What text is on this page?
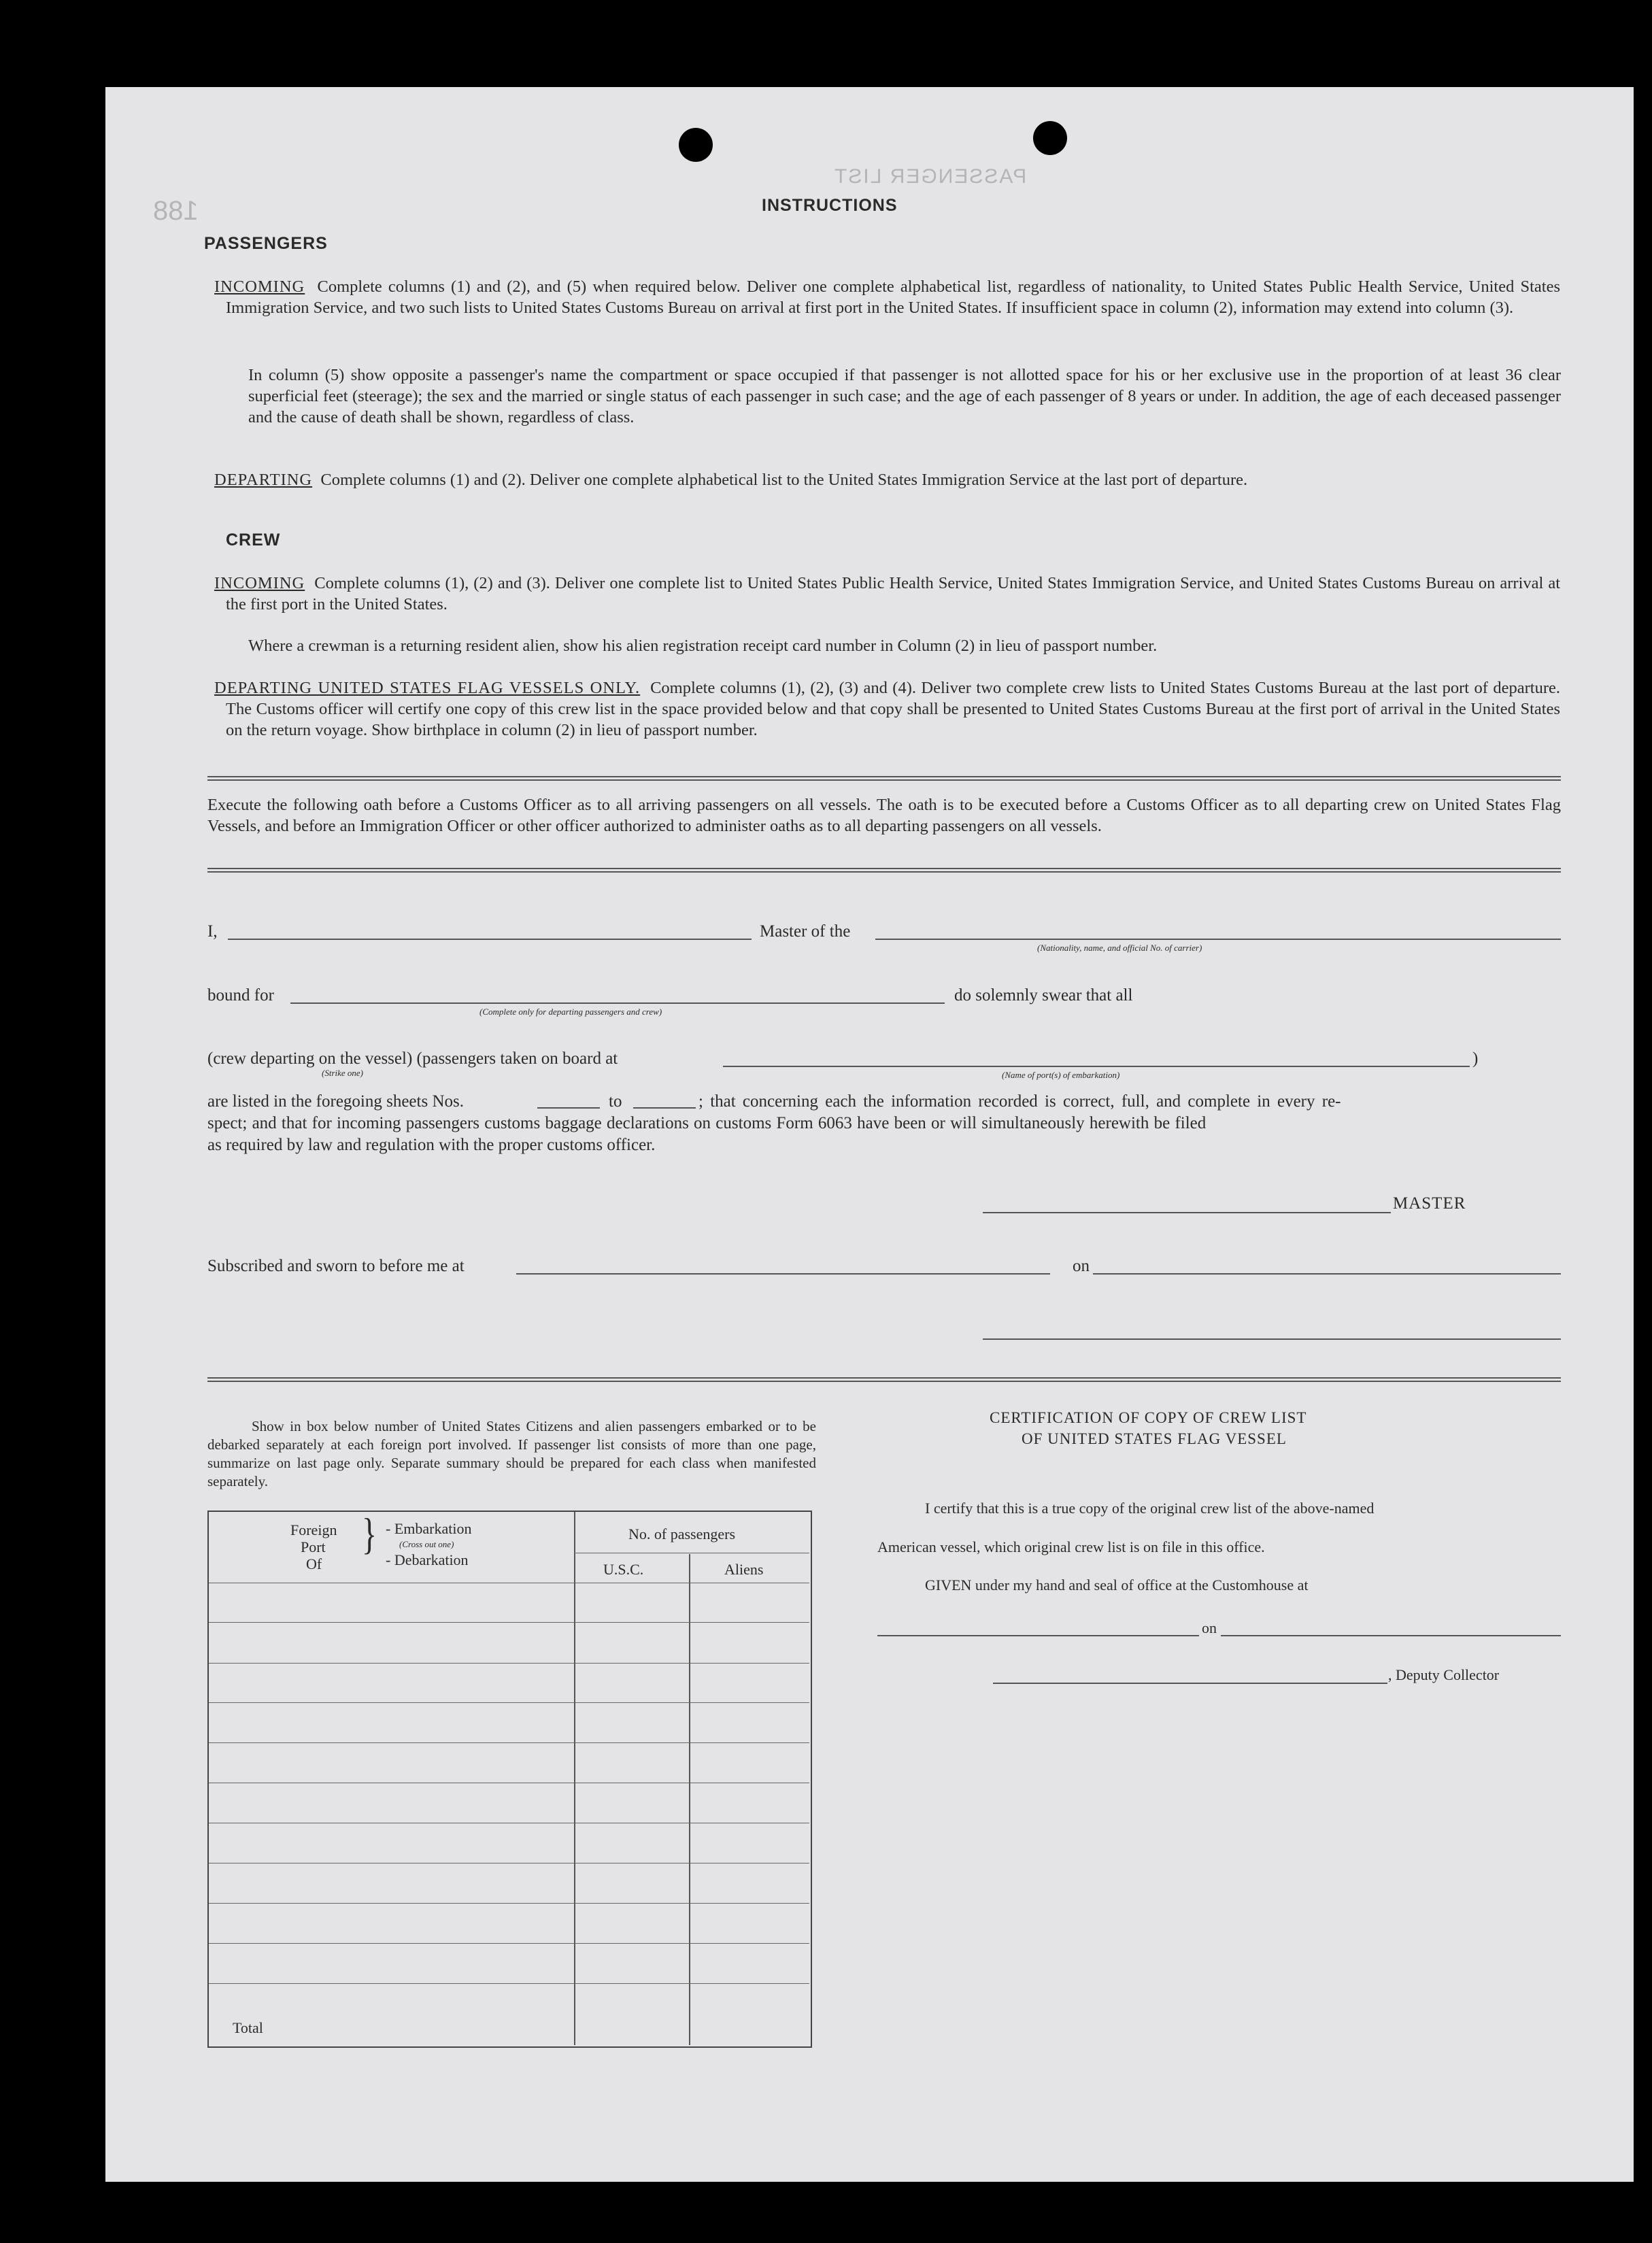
PASSENGER LIST
188	INSTRUCTIONS
PASSENGERS
INCOMING Complete columns (1) and (2), and (5) when required below. Deliver one complete alphabetical list, regardless of nationality, to United States Public Health Service, United States Immigration Service, and two such lists to United States Customs Bureau on arrival at first port in the United States. If insufficient space in column (2), information may extend into column (3).
In column (5) show opposite a passenger's name the compartment or space occupied if that passenger is not allotted space for his or her exclusive use in the proportion of at least 36 clear superficial feet (steerage); the sex and the married or single status of each passenger in such case; and the age of each passenger of 8 years or under. In addition, the age of each deceased passenger and the cause of death shall be shown, regardless of class.
DEPARTING Complete columns (1) and (2). Deliver one complete alphabetical list to the United States Immigration Service at the last port of departure.
CREW
INCOMING Complete columns (1), (2) and (3). Deliver one complete list to United States Public Health Service, United States Immigration Service, and United States Customs Bureau on arrival at the first port in the United States.
Where a crewman is a returning resident alien, show his alien registration receipt card number in Column (2) in lieu of passport number.
DEPARTING UNITED STATES FLAG VESSELS ONLY. Complete columns (1), (2), (3) and (4). Deliver two complete crew lists to United States Customs Bureau at the last port of departure. The Customs officer will certify one copy of this crew list in the space provided below and that copy shall be presented to United States Customs Bureau at the first port of arrival in the United States on the return voyage. Show birthplace in column (2) in lieu of passport number.
Execute the following oath before a Customs Officer as to all arriving passengers on all vessels. The oath is to be executed before a Customs Officer as to all departing crew on United States Flag Vessels, and before an Immigration Officer or other officer authorized to administer oaths as to all departing passengers on all vessels.
I,	Master of the
(Nationality, name, and official No. of carrier)
bound for
(Complete only for departing passengers and crew)
do solemnly swear that all
(crew departing on the vessel) (passengers taken on board at
(Strike one)	(Name of port(s) of embarkation)
)
are listed in the foregoing sheets Nos.	to	; that concerning each the information recorded is correct, full, and complete in every re-
spect; and that for incoming passengers customs baggage declarations on customs Form 6063 have been or will simultaneously herewith be filed
as required by law and regulation with the proper customs officer.
MASTER
Subscribed and sworn to before me at	on
Show in box below number of United States Citizens and alien passengers embarked or to be debarked separately at each foreign port involved. If passenger list consists of more than one page, summarize on last page only. Separate summary should be prepared for each class when manifested separately.
Foreign
Port
Of
} - Embarkation
(Cross out one)
- Debarkation
No. of passengers
U.S.C.	Aliens
Total
CERTIFICATION OF COPY OF CREW LIST
OF UNITED STATES FLAG VESSEL
I certify that this is a true copy of the original crew list of the above-named
American vessel, which original crew list is on file in this office.
GIVEN under my hand and seal of office at the Customhouse at
on
, Deputy Collector
